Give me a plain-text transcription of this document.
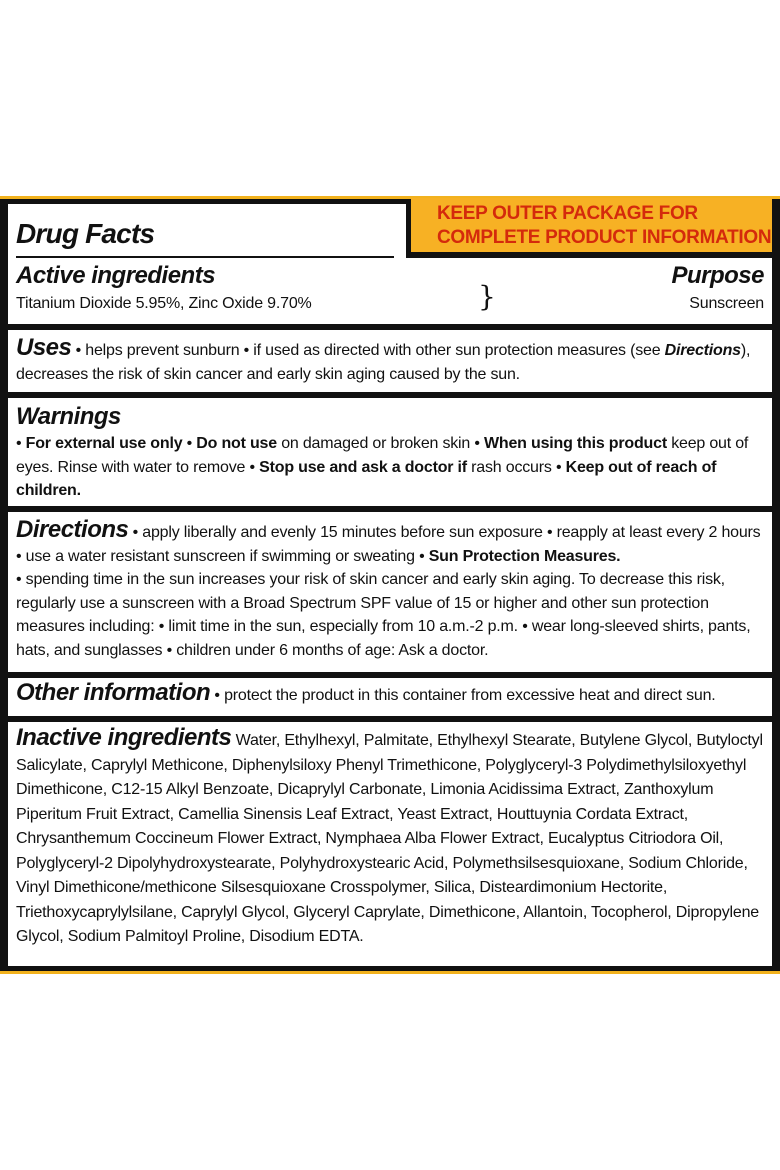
Drug Facts
KEEP OUTER PACKAGE FOR
COMPLETE PRODUCT INFORMATION
Active ingredients
Titanium Dioxide 5.95%, Zinc Oxide 9.70%	}
Purpose
Sunscreen
Uses • helps prevent sunburn • if used as directed with other sun protection measures (see Directions), decreases the risk of skin cancer and early skin aging caused by the sun.
Warnings
• For external use only • Do not use on damaged or broken skin • When using this product keep out of eyes. Rinse with water to remove • Stop use and ask a doctor if rash occurs • Keep out of reach of children.
Directions • apply liberally and evenly 15 minutes before sun exposure • reapply at least every 2 hours • use a water resistant sunscreen if swimming or sweating • Sun Protection Measures.
• spending time in the sun increases your risk of skin cancer and early skin aging. To decrease this risk, regularly use a sunscreen with a Broad Spectrum SPF value of 15 or higher and other sun protection measures including: • limit time in the sun, especially from 10 a.m.-2 p.m. • wear long-sleeved shirts, pants, hats, and sunglasses • children under 6 months of age: Ask a doctor.
Other information • protect the product in this container from excessive heat and direct sun.
Inactive ingredients Water, Ethylhexyl, Palmitate, Ethylhexyl Stearate, Butylene Glycol, Butyloctyl Salicylate, Caprylyl Methicone, Diphenylsiloxy Phenyl Trimethicone, Polyglyceryl-3 Polydimethylsiloxyethyl Dimethicone, C12-15 Alkyl Benzoate, Dicaprylyl Carbonate, Limonia Acidissima Extract, Zanthoxylum Piperitum Fruit Extract, Camellia Sinensis Leaf Extract, Yeast Extract, Houttuynia Cordata Extract, Chrysanthemum Coccineum Flower Extract, Nymphaea Alba Flower Extract, Eucalyptus Citriodora Oil, Polyglyceryl-2 Dipolyhydroxystearate, Polyhydroxystearic Acid, Polymethsilsesquioxane, Sodium Chloride, Vinyl Dimethicone/methicone Silsesquioxane Crosspolymer, Silica, Disteardimonium Hectorite, Triethoxycaprylylsilane, Caprylyl Glycol, Glyceryl Caprylate, Dimethicone, Allantoin, Tocopherol, Dipropylene Glycol, Sodium Palmitoyl Proline, Disodium EDTA.
